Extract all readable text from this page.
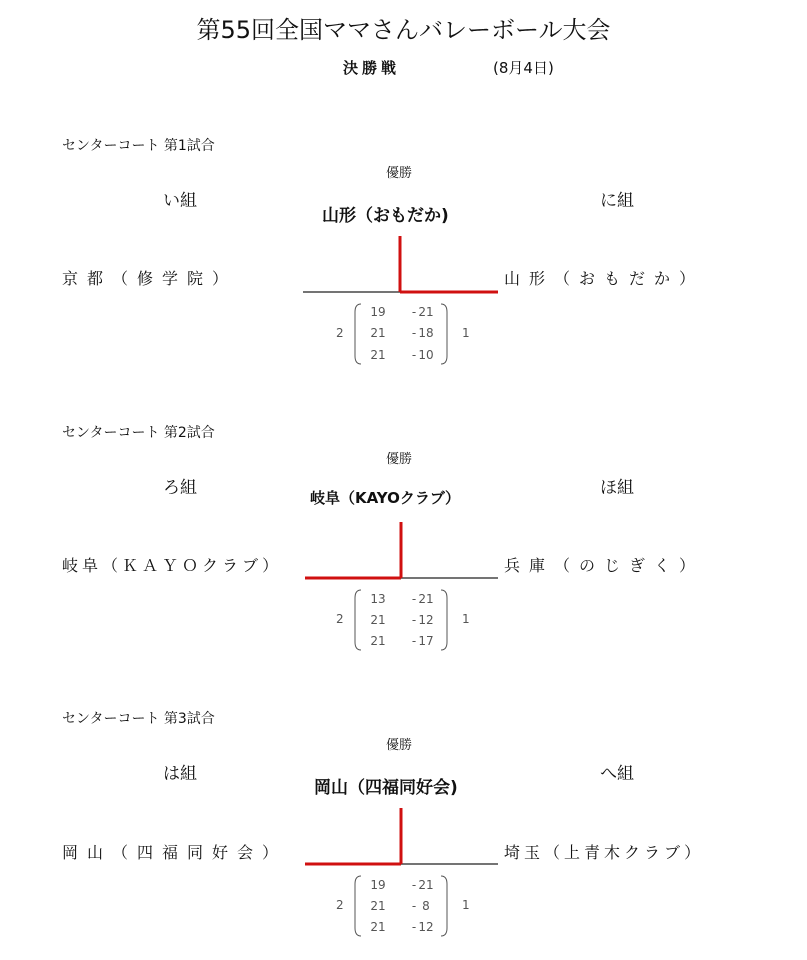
第55回全国ママさんバレーボール大会
決勝戦	(8月4日)
センターコート 第1試合
優勝
い組	に組
山形（おもだか)
京都（修学院）	山形（おもだか）
2	1
19	- 21
21	- 18
21	- 10
センターコート 第2試合
優勝
ろ組	ほ組
岐阜（KAYOクラブ）
岐阜（ＫＡＹＯクラブ）	兵庫（のじぎく）
2	1
13	- 21
21	- 12
21	- 17
センターコート 第3試合
優勝
は組	へ組
岡山（四福同好会)
岡山（四福同好会）	埼玉（上青木クラブ）
2	1
19	- 21
21	- 8
21	- 12
